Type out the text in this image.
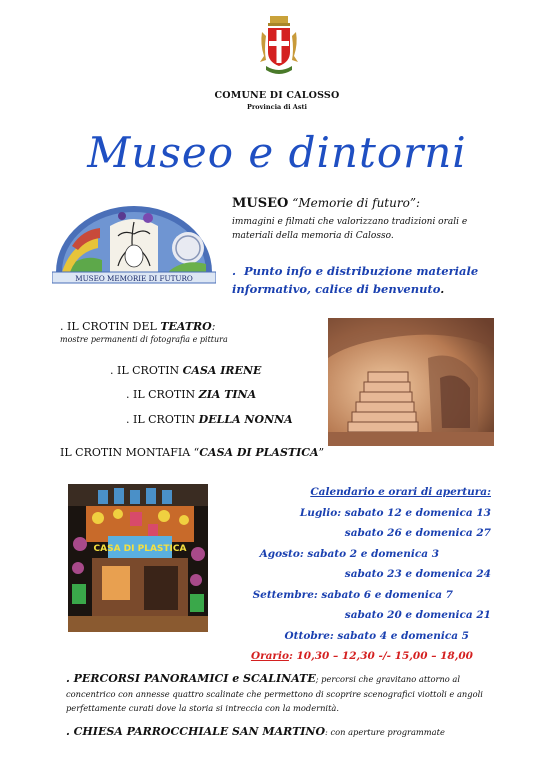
COMUNE DI CALOSSO
Provincia di Asti
Museo e dintorni
MUSEO MEMORIE DI FUTURO
MUSEO “Memorie di futuro”:
immagini e filmati che valorizzano tradizioni orali e
materiali della memoria di Calosso.
.  Punto info e distribuzione materiale
informativo, calice di benvenuto.
. IL CROTIN DEL TEATRO:
mostre permanenti di fotografia e pittura
. IL CROTIN CASA IRENE
. IL CROTIN ZIA TINA
. IL CROTIN DELLA NONNA
IL CROTIN MONTAFIA “CASA DI PLASTICA”
CASA DI PLASTICA
Calendario e orari di apertura:
Luglio: sabato 12 e domenica 13
sabato 26 e domenica 27
Agosto: sabato 2 e domenica 3
sabato 23 e domenica 24
Settembre: sabato 6 e domenica 7
sabato 20 e domenica 21
Ottobre: sabato 4 e domenica 5
Orario: 10,30 – 12,30 -/- 15,00 – 18,00
. PERCORSI PANORAMICI e SCALINATE; percorsi che gravitano attorno al concentrico con annesse quattro scalinate che permettono di scoprire scenografici viottoli e angoli perfettamente curati dove la storia si intreccia con la modernità.
. CHIESA PARROCCHIALE SAN MARTINO: con aperture programmate
